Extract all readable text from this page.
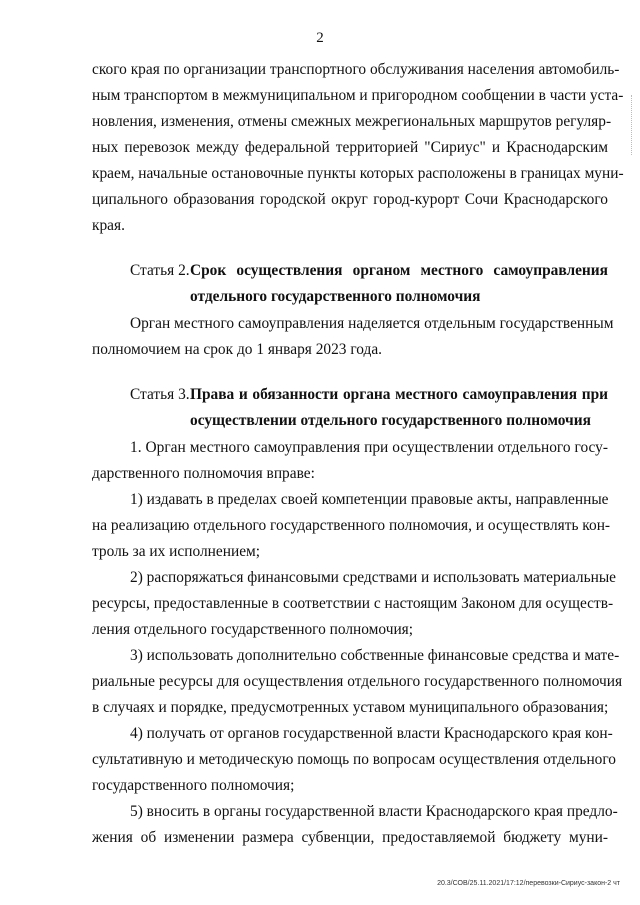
2
ского края по организации транспортного обслуживания населения автомобиль-
ным транспортом в межмуниципальном и пригородном сообщении в части уста-
новления, изменения, отмены смежных межрегиональных маршрутов регуляр-
ных перевозок между федеральной территорией "Сириус" и Краснодарским
краем, начальные остановочные пункты которых расположены в границах муни-
ципального образования городской округ город-курорт Сочи Краснодарского
края.
Статья 2. Срок осуществления органом местного самоуправления
отдельного государственного полномочия
Орган местного самоуправления наделяется отдельным государственным
полномочием на срок до 1 января 2023 года.
Статья 3. Права и обязанности органа местного самоуправления при
осуществлении отдельного государственного полномочия
1. Орган местного самоуправления при осуществлении отдельного госу-
дарственного полномочия вправе:
1) издавать в пределах своей компетенции правовые акты, направленные
на реализацию отдельного государственного полномочия, и осуществлять кон-
троль за их исполнением;
2) распоряжаться финансовыми средствами и использовать материальные
ресурсы, предоставленные в соответствии с настоящим Законом для осуществ-
ления отдельного государственного полномочия;
3) использовать дополнительно собственные финансовые средства и мате-
риальные ресурсы для осуществления отдельного государственного полномочия
в случаях и порядке, предусмотренных уставом муниципального образования;
4) получать от органов государственной власти Краснодарского края кон-
сультативную и методическую помощь по вопросам осуществления отдельного
государственного полномочия;
5) вносить в органы государственной власти Краснодарского края предло-
жения об изменении размера субвенции, предоставляемой бюджету муни-
20.3/СОВ/25.11.2021/17:12/перевозки-Сириус-закон-2 чт
